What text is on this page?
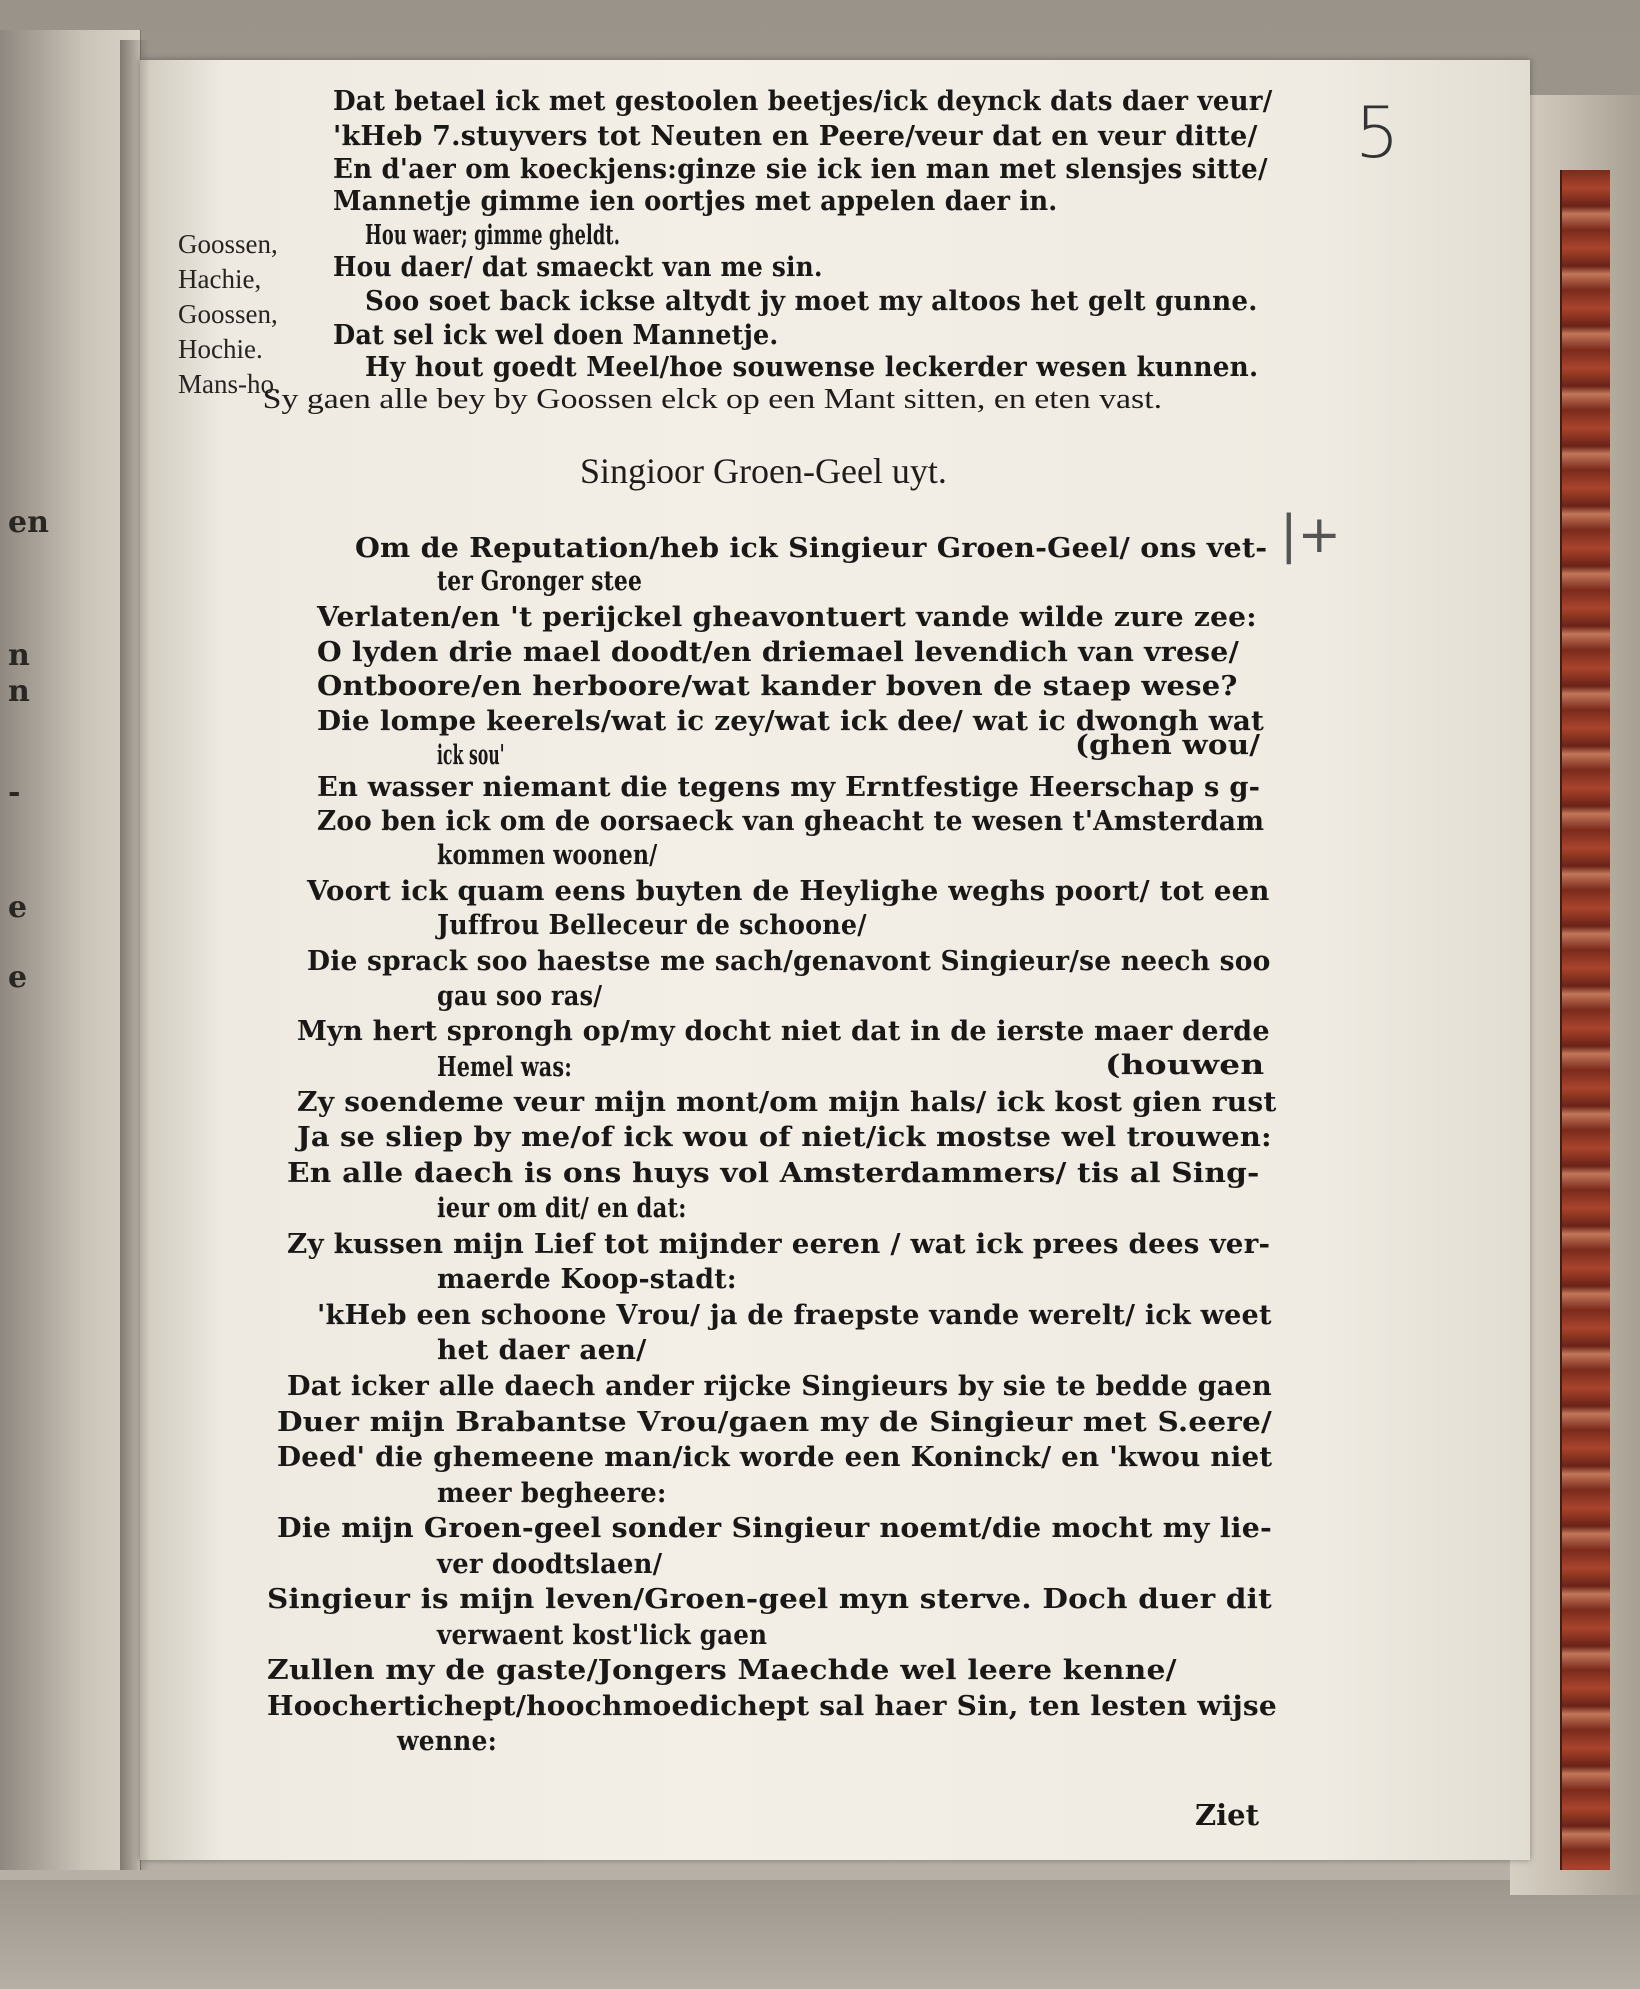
en
n
n
-
e
e
5
|+
Goossen,
Hachie,
Goossen,
Hochie.
Mans-ho.
Dat betael ick met gestoolen beetjes/ick deynck dats daer veur/
'kHeb 7.stuyvers tot Neuten en Peere/veur dat en veur ditte/
En d'aer om koeckjens:ginze sie ick ien man met slensjes sitte/
Mannetje gimme ien oortjes met appelen daer in.
Hou waer; gimme gheldt.
Hou daer/ dat smaeckt van me sin.
Soo soet back ickse altydt jy moet my altoos het gelt gunne.
Dat sel ick wel doen Mannetje.
Hy hout goedt Meel/hoe souwense leckerder wesen kunnen.
Sy gaen alle bey by Goossen elck op een Mant sitten, en eten vast.
Singioor Groen-Geel uyt.
Om de Reputation/heb ick Singieur Groen-Geel/ ons vet-
ter Gronger stee
Verlaten/en 't perijckel gheavontuert vande wilde zure zee:
O lyden drie mael doodt/en driemael levendich van vrese/
Ontboore/en herboore/wat kander boven de staep wese?
Die lompe keerels/wat ic zey/wat ick dee/ wat ic dwongh wat
ick sou'	(ghen wou/
En wasser niemant die tegens my Erntfestige Heerschap s g-
Zoo ben ick om de oorsaeck van gheacht te wesen t'Amsterdam
kommen woonen/
Voort ick quam eens buyten de Heylighe weghs poort/ tot een
Juffrou Belleceur de schoone/
Die sprack soo haestse me sach/genavont Singieur/se neech soo
gau soo ras/
Myn hert sprongh op/my docht niet dat in de ierste maer derde
Hemel was:	(houwen
Zy soendeme veur mijn mont/om mijn hals/ ick kost gien rust
Ja se sliep by me/of ick wou of niet/ick mostse wel trouwen:
En alle daech is ons huys vol Amsterdammers/ tis al Sing-
ieur om dit/ en dat:
Zy kussen mijn Lief tot mijnder eeren / wat ick prees dees ver-
maerde Koop-stadt:
'kHeb een schoone Vrou/ ja de fraepste vande werelt/ ick weet
het daer aen/
Dat icker alle daech ander rijcke Singieurs by sie te bedde gaen
Duer mijn Brabantse Vrou/gaen my de Singieur met S.eere/
Deed' die ghemeene man/ick worde een Koninck/ en 'kwou niet
meer begheere:
Die mijn Groen-geel sonder Singieur noemt/die mocht my lie-
ver doodtslaen/
Singieur is mijn leven/Groen-geel myn sterve. Doch duer dit
verwaent kost'lick gaen
Zullen my de gaste/Jongers Maechde wel leere kenne/
Hoochertichept/hoochmoedichept sal haer Sin, ten lesten wijse
wenne:
Ziet
